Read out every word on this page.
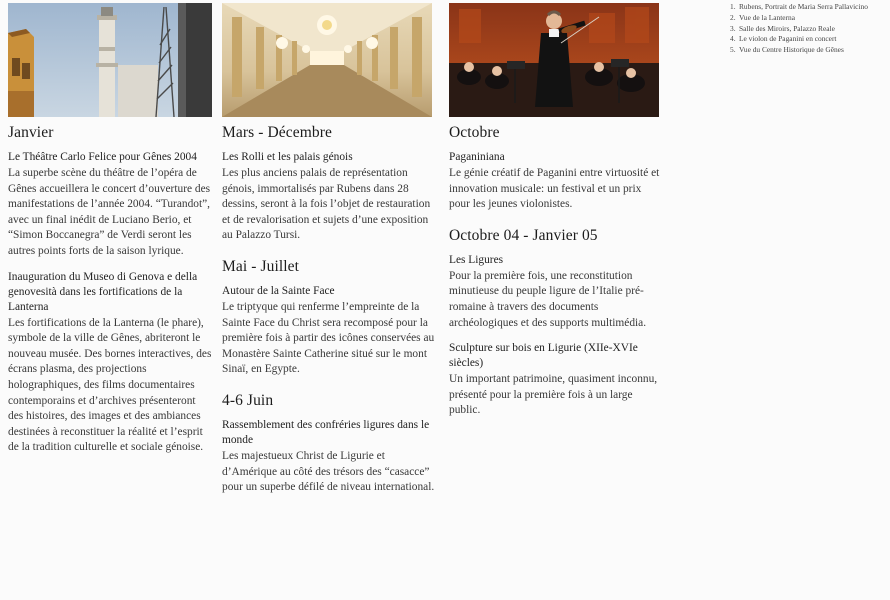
Janvier
Le Théâtre Carlo Felice pour Gênes 2004
La superbe scène du théâtre de l’opéra de Gênes accueillera le concert d’ouverture des manifestations de l’année 2004. “Turandot”, avec un final inédit de Luciano Berio, et “Simon Boccanegra” de Verdi seront les autres points forts de la saison lyrique.
Inauguration du Museo di Genova e della genovesità dans les fortifications de la Lanterna
Les fortifications de la Lanterna (le phare), symbole de la ville de Gênes, abriteront le nouveau musée. Des bornes interactives, des écrans plasma, des projections holographiques, des films documentaires contemporains et d’archives présenteront des histoires, des images et des ambiances destinées à reconstituer la réalité et l’esprit de la tradition culturelle et sociale génoise.
Mars - Décembre
Les Rolli et les palais génois
Les plus anciens palais de représentation génois, immortalisés par Rubens dans 28 dessins, seront à la fois l’objet de restauration et de revalorisation et sujets d’une exposition au Palazzo Tursi.
Mai - Juillet
Autour de la Sainte Face
Le triptyque qui renferme l’empreinte de la Sainte Face du Christ sera recomposé pour la première fois à partir des icônes conservées au Monastère Sainte Catherine situé sur le mont Sinaï, en Egypte.
4-6 Juin
Rassemblement des confréries ligures dans le monde
Les majestueux Christ de Ligurie et d’Amérique au côté des trésors des “casacce” pour un superbe défilé de niveau international.
Octobre
Paganiniana
Le génie créatif de Paganini entre virtuosité et innovation musicale: un festival et un prix pour les jeunes violonistes.
Octobre 04 - Janvier 05
Les Ligures
Pour la première fois, une reconstitution minutieuse du peuple ligure de l’Italie pré-romaine à travers des documents archéologiques et des supports multimédia.
Sculpture sur bois en Ligurie (XIIe-XVIe siècles)
Un important patrimoine, quasiment inconnu, présenté pour la première fois à un large public.
1. Rubens, Portrait de Maria Serra Pallavicino
2. Vue de la Lanterna
3. Salle des Miroirs, Palazzo Reale
4. Le violon de Paganini en concert
5. Vue du Centre Historique de Gênes
